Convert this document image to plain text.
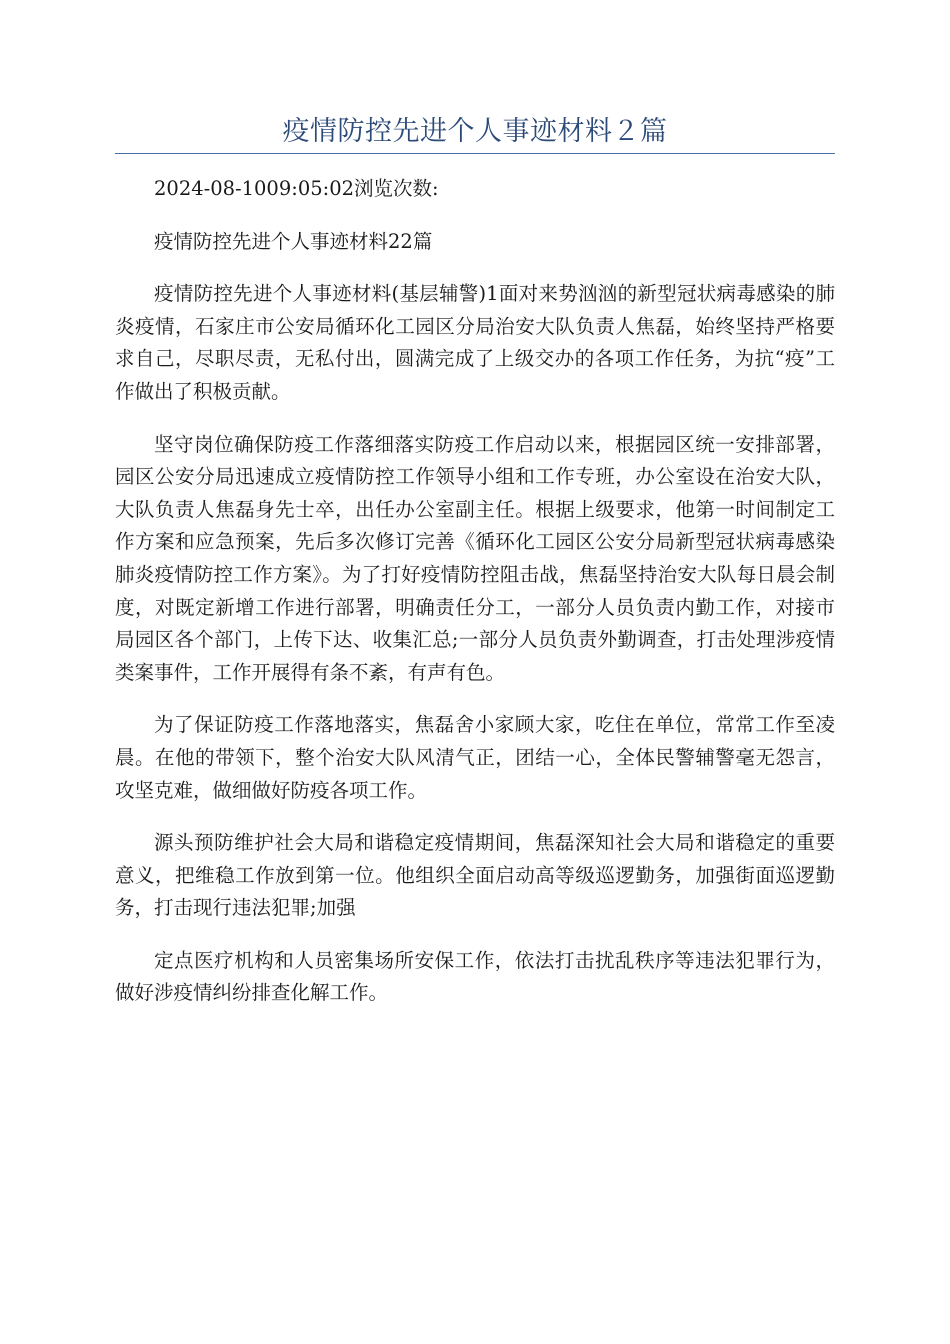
疫情防控先进个人事迹材料２篇

2024-08-1009:05:02浏览次数:

疫情防控先进个人事迹材料22篇

疫情防控先进个人事迹材料(基层辅警)1面对来势汹汹的新型冠状病毒感染的肺炎疫情，石家庄市公安局循环化工园区分局治安大队负责人焦磊，始终坚持严格要求自己，尽职尽责，无私付出，圆满完成了上级交办的各项工作任务，为抗“疫”工作做出了积极贡献。

坚守岗位确保防疫工作落细落实防疫工作启动以来，根据园区统一安排部署，园区公安分局迅速成立疫情防控工作领导小组和工作专班，办公室设在治安大队，大队负责人焦磊身先士卒，出任办公室副主任。根据上级要求，他第一时间制定工作方案和应急预案，先后多次修订完善《循环化工园区公安分局新型冠状病毒感染肺炎疫情防控工作方案》。为了打好疫情防控阻击战，焦磊坚持治安大队每日晨会制度，对既定新增工作进行部署，明确责任分工，一部分人员负责内勤工作，对接市局园区各个部门，上传下达、收集汇总;一部分人员负责外勤调查，打击处理涉疫情类案事件，工作开展得有条不紊，有声有色。

为了保证防疫工作落地落实，焦磊舍小家顾大家，吃住在单位，常常工作至凌晨。在他的带领下，整个治安大队风清气正，团结一心，全体民警辅警毫无怨言，攻坚克难，做细做好防疫各项工作。

源头预防维护社会大局和谐稳定疫情期间，焦磊深知社会大局和谐稳定的重要意义，把维稳工作放到第一位。他组织全面启动高等级巡逻勤务，加强街面巡逻勤务，打击现行违法犯罪;加强

定点医疗机构和人员密集场所安保工作，依法打击扰乱秩序等违法犯罪行为，做好涉疫情纠纷排查化解工作。
